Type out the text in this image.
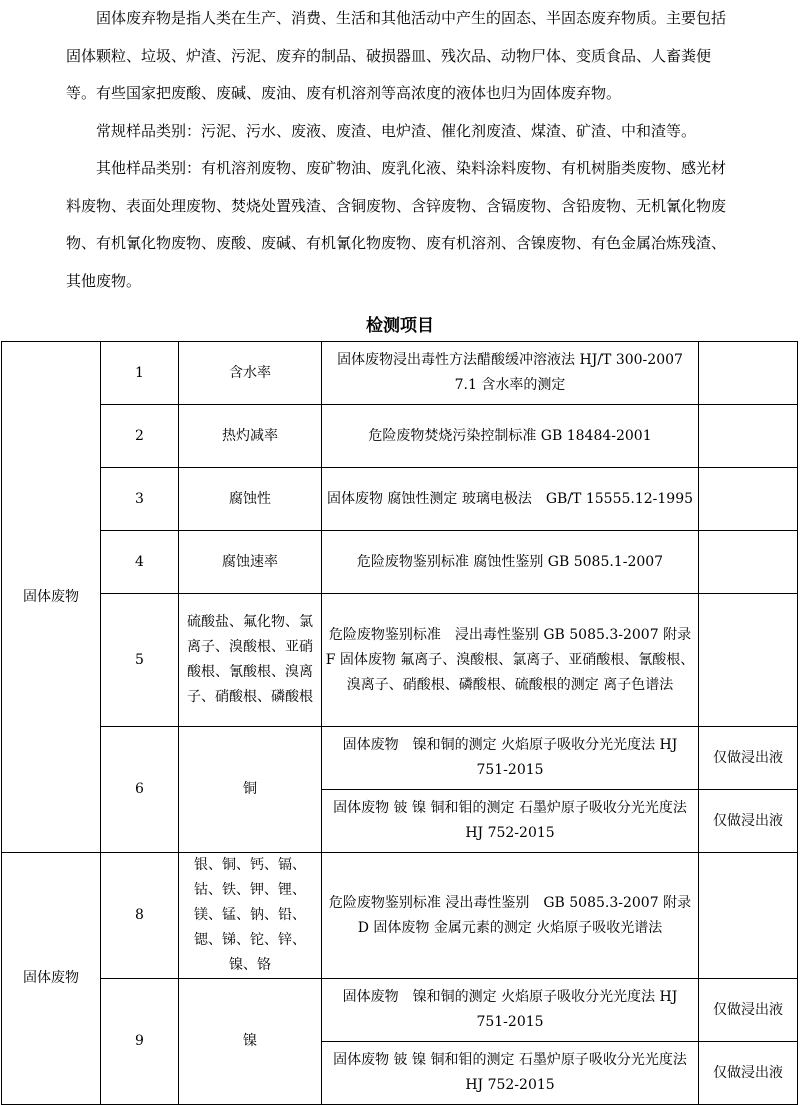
固体废弃物是指人类在生产、消费、生活和其他活动中产生的固态、半固态废弃物质。主要包括固体颗粒、垃圾、炉渣、污泥、废弃的制品、破损器皿、残次品、动物尸体、变质食品、人畜粪便等。有些国家把废酸、废碱、废油、废有机溶剂等高浓度的液体也归为固体废弃物。

常规样品类别：污泥、污水、废液、废渣、电炉渣、催化剂废渣、煤渣、矿渣、中和渣等。

其他样品类别：有机溶剂废物、废矿物油、废乳化液、染料涂料废物、有机树脂类废物、感光材料废物、表面处理废物、焚烧处置残渣、含铜废物、含锌废物、含镉废物、含铅废物、无机氰化物废物、有机氰化物废物、废酸、废碱、有机氰化物废物、废有机溶剂、含镍废物、有色金属冶炼残渣、其他废物。

检测项目
固体废物	1	含水率	固体废物浸出毒性方法醋酸缓冲溶液法 HJ/T 300-2007　7.1 含水率的测定	
	2	热灼减率	危险废物焚烧污染控制标准 GB 18484-2001	
	3	腐蚀性	固体废物 腐蚀性测定 玻璃电极法　GB/T 15555.12-1995	
	4	腐蚀速率	危险废物鉴别标准 腐蚀性鉴别 GB 5085.1-2007	
	5	硫酸盐、氟化物、氯离子、溴酸根、亚硝酸根、氰酸根、溴离子、硝酸根、磷酸根	危险废物鉴别标准　浸出毒性鉴别 GB 5085.3-2007 附录 F 固体废物 氟离子、溴酸根、氯离子、亚硝酸根、氰酸根、溴离子、硝酸根、磷酸根、硫酸根的测定 离子色谱法	
	6	铜	固体废物　镍和铜的测定 火焰原子吸收分光光度法 HJ 751-2015	仅做浸出液
			固体废物 铍 镍 铜和钼的测定 石墨炉原子吸收分光光度法 HJ 752-2015	仅做浸出液
固体废物	8	银、铜、钙、镉、钴、铁、钾、锂、镁、锰、钠、铅、锶、锑、铊、锌、镍、铬	危险废物鉴别标准 浸出毒性鉴别　GB 5085.3-2007 附录 D 固体废物 金属元素的测定 火焰原子吸收光谱法	
	9	镍	固体废物　镍和铜的测定 火焰原子吸收分光光度法 HJ 751-2015	仅做浸出液
			固体废物 铍 镍 铜和钼的测定 石墨炉原子吸收分光光度法 HJ 752-2015	仅做浸出液
